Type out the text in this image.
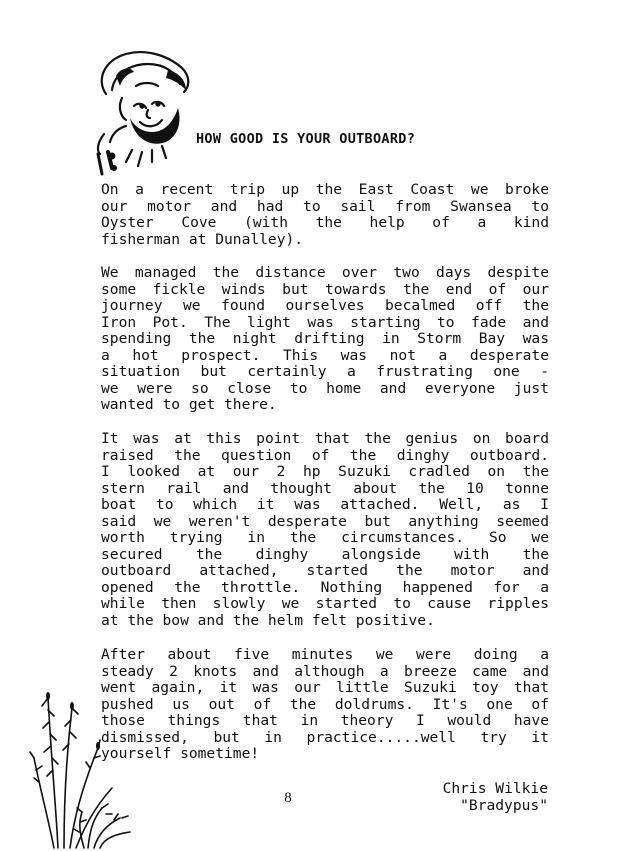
HOW GOOD IS YOUR OUTBOARD?
On a recent trip up the East Coast we broke
our motor and had to sail from Swansea to
Oyster Cove (with the help of a kind
fisherman at Dunalley).
We managed the distance over two days despite
some fickle winds but towards the end of our
journey we found ourselves becalmed off the
Iron Pot. The light was starting to fade and
spending the night drifting in Storm Bay was
a hot prospect. This was not a desperate
situation but certainly a frustrating one -
we were so close to home and everyone just
wanted to get there.
It was at this point that the genius on board
raised the question of the dinghy outboard.
I looked at our 2 hp Suzuki cradled on the
stern rail and thought about the 10 tonne
boat to which it was attached. Well, as I
said we weren't desperate but anything seemed
worth trying in the circumstances. So we
secured the dinghy alongside with the
outboard attached, started the motor and
opened the throttle. Nothing happened for a
while then slowly we started to cause ripples
at the bow and the helm felt positive.
After about five minutes we were doing a
steady 2 knots and although a breeze came and
went again, it was our little Suzuki toy that
pushed us out of the doldrums. It's one of
those things that in theory I would have
dismissed, but in practice.....well try it
yourself sometime!
8
Chris Wilkie
"Bradypus"
